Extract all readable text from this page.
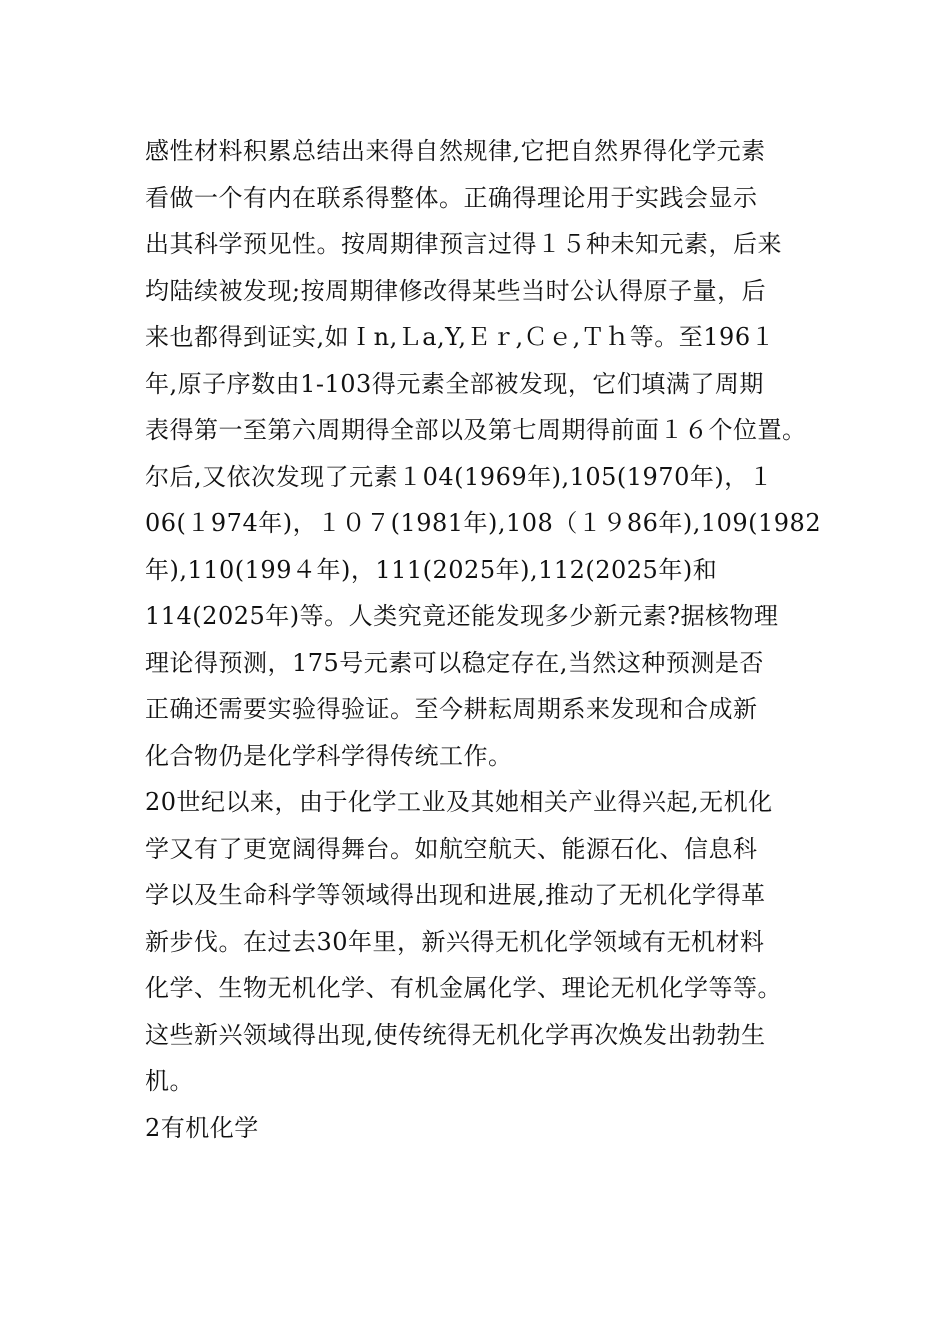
感性材料积累总结出来得自然规律,它把自然界得化学元素
看做一个有内在联系得整体。正确得理论用于实践会显示
出其科学预见性。按周期律预言过得１５种未知元素，后来
均陆续被发现;按周期律修改得某些当时公认得原子量，后
来也都得到证实,如Ｉn,Ｌa,Y,Ｅｒ,Ｃｅ,Ｔｈ等。至196１
年,原子序数由1-103得元素全部被发现，它们填满了周期
表得第一至第六周期得全部以及第七周期得前面１６个位置。
尔后,又依次发现了元素１04(1969年),105(1970年)，１
06(１974年)，１０７(1981年),108（１９86年),109(1982
年),110(199４年)，111(2025年),112(2025年)和
114(2025年)等。人类究竟还能发现多少新元素?据核物理
理论得预测，175号元素可以稳定存在,当然这种预测是否
正确还需要实验得验证。至今耕耘周期系来发现和合成新
化合物仍是化学科学得传统工作。
20世纪以来，由于化学工业及其她相关产业得兴起,无机化
学又有了更宽阔得舞台。如航空航天、能源石化、信息科
学以及生命科学等领域得出现和进展,推动了无机化学得革
新步伐。在过去30年里，新兴得无机化学领域有无机材料
化学、生物无机化学、有机金属化学、理论无机化学等等。
这些新兴领域得出现,使传统得无机化学再次焕发出勃勃生
机。
2有机化学
